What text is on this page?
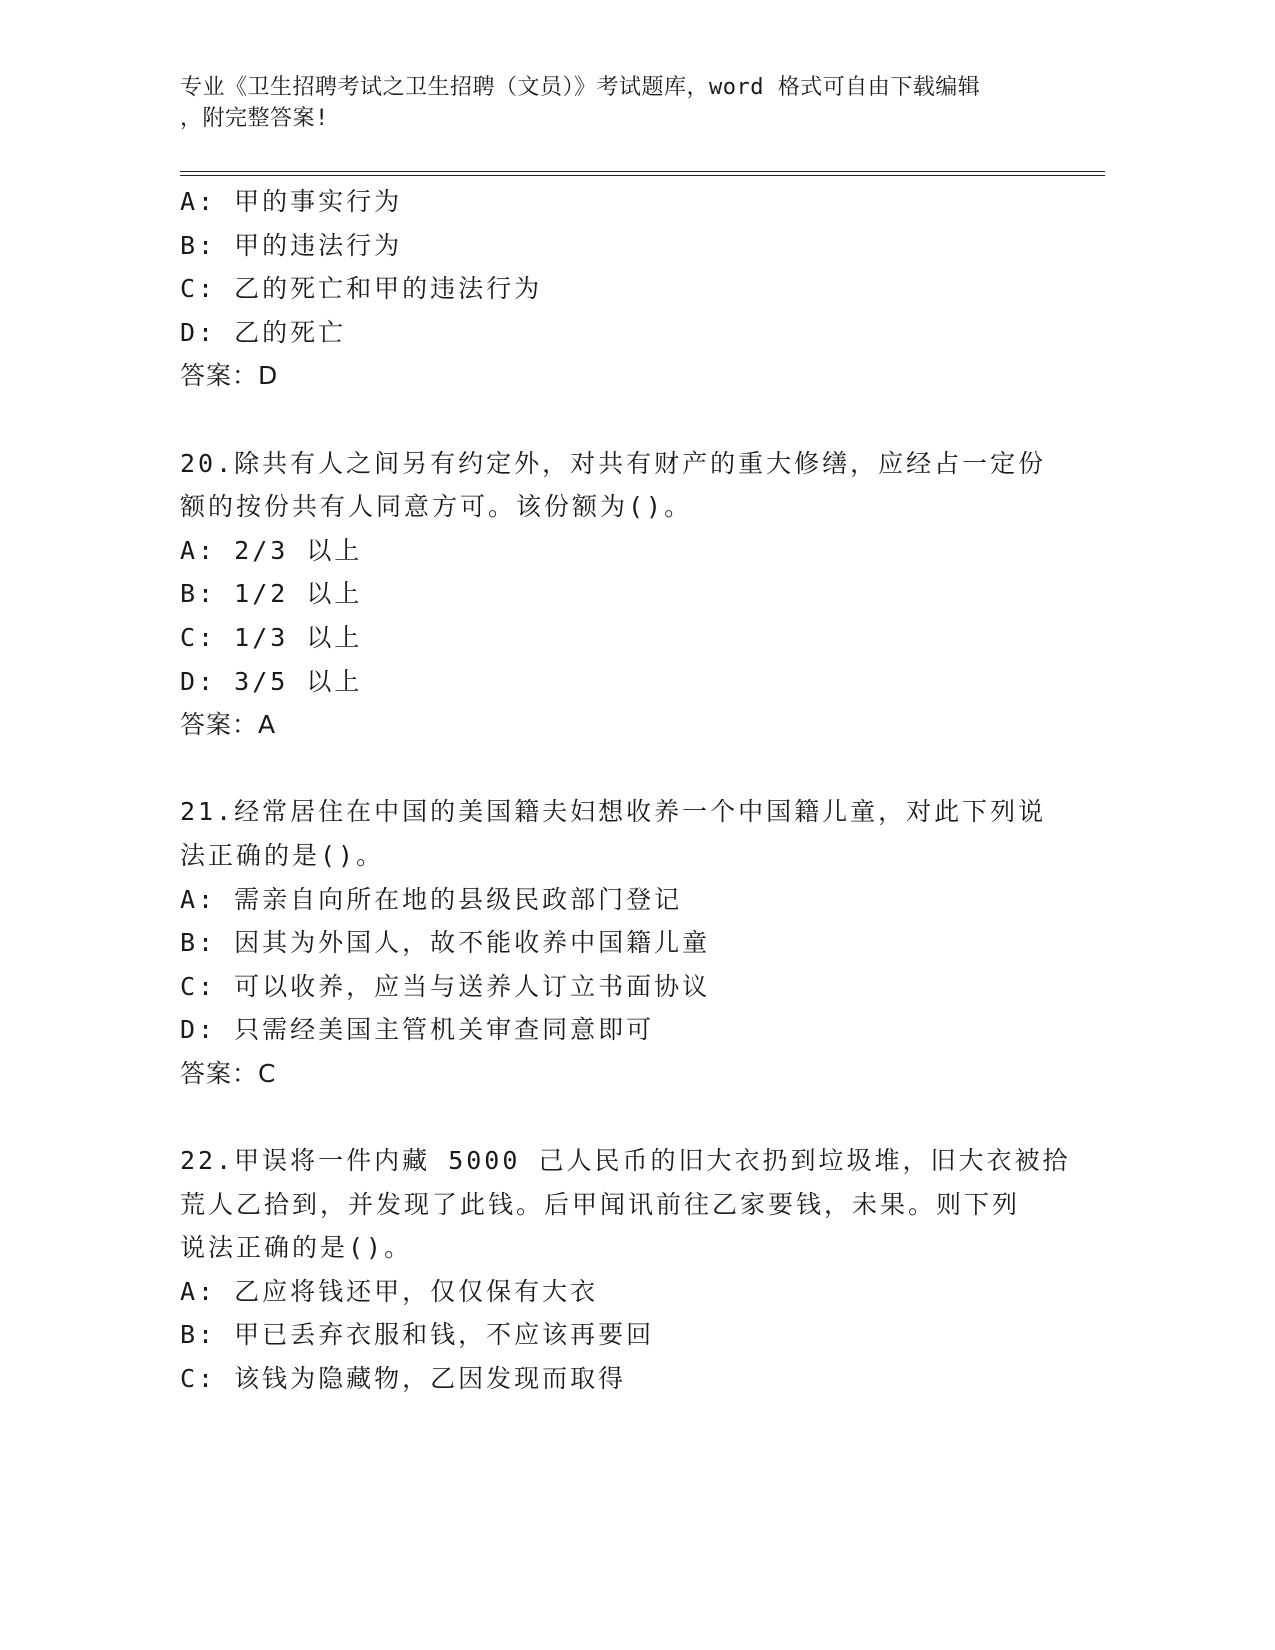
专业《卫生招聘考试之卫生招聘（文员）》考试题库，word 格式可自由下载编辑
，附完整答案!
A: 甲的事实行为
B: 甲的违法行为
C: 乙的死亡和甲的违法行为
D: 乙的死亡
答案：D
20.除共有人之间另有约定外，对共有财产的重大修缮，应经占一定份
额的按份共有人同意方可。该份额为()。
A: 2/3 以上
B: 1/2 以上
C: 1/3 以上
D: 3/5 以上
答案：A
21.经常居住在中国的美国籍夫妇想收养一个中国籍儿童，对此下列说
法正确的是()。
A: 需亲自向所在地的县级民政部门登记
B: 因其为外国人，故不能收养中国籍儿童
C: 可以收养，应当与送养人订立书面协议
D: 只需经美国主管机关审查同意即可
答案：C
22.甲误将一件内藏 5000 己人民币的旧大衣扔到垃圾堆，旧大衣被拾
荒人乙拾到，并发现了此钱。后甲闻讯前往乙家要钱，未果。则下列
说法正确的是()。
A: 乙应将钱还甲，仅仅保有大衣
B: 甲已丢弃衣服和钱，不应该再要回
C: 该钱为隐藏物，乙因发现而取得
